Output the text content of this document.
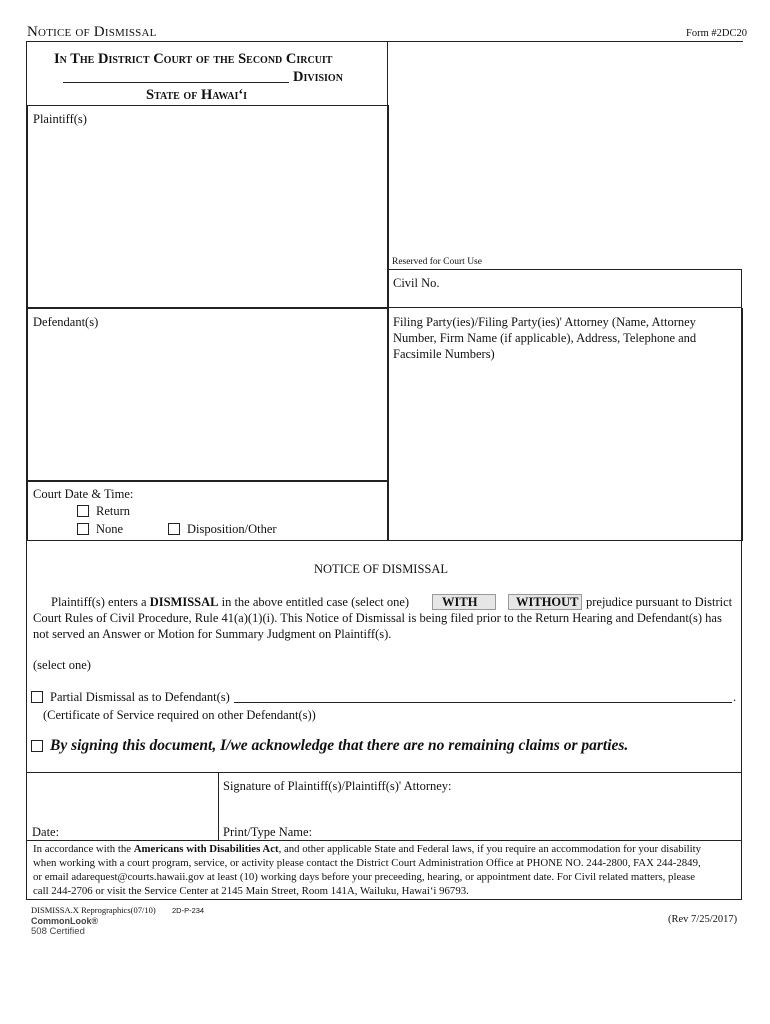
Notice of Dismissal	Form #2DC20
In The District Court of the Second Circuit
Division
State of Hawai‘i
Plaintiff(s)
Reserved for Court Use
Civil No.
Defendant(s)	Filing Party(ies)/Filing Party(ies)' Attorney (Name, Attorney Number, Firm Name (if applicable), Address, Telephone and Facsimile Numbers)
Court Date & Time:
Return
None	Disposition/Other
NOTICE OF DISMISSAL
Plaintiff(s) enters a DISMISSAL in the above entitled case (select one)	WITH	WITHOUT prejudice pursuant to District
Court Rules of Civil Procedure, Rule 41(a)(1)(i). This Notice of Dismissal is being filed prior to the Return Hearing and Defendant(s) has
not served an Answer or Motion for Summary Judgment on Plaintiff(s).
(select one)
Partial Dismissal as to Defendant(s)	.
(Certificate of Service required on other Defendant(s))
By signing this document, I/we acknowledge that there are no remaining claims or parties.
Signature of Plaintiff(s)/Plaintiff(s)' Attorney:
Date:	Print/Type Name:
In accordance with the Americans with Disabilities Act, and other applicable State and Federal laws, if you require an accommodation for your disability
when working with a court program, service, or activity please contact the District Court Administration Office at PHONE NO. 244-2800, FAX 244-2849,
or email adarequest@courts.hawaii.gov at least (10) working days before your preceeding, hearing, or appointment date. For Civil related matters, please
call 244-2706 or visit the Service Center at 2145 Main Street, Room 141A, Wailuku, Hawai‘i 96793.
DISMISSA.X Reprographics(07/10) 2D-P-234
CommonLook®
508 Certified
(Rev 7/25/2017)
